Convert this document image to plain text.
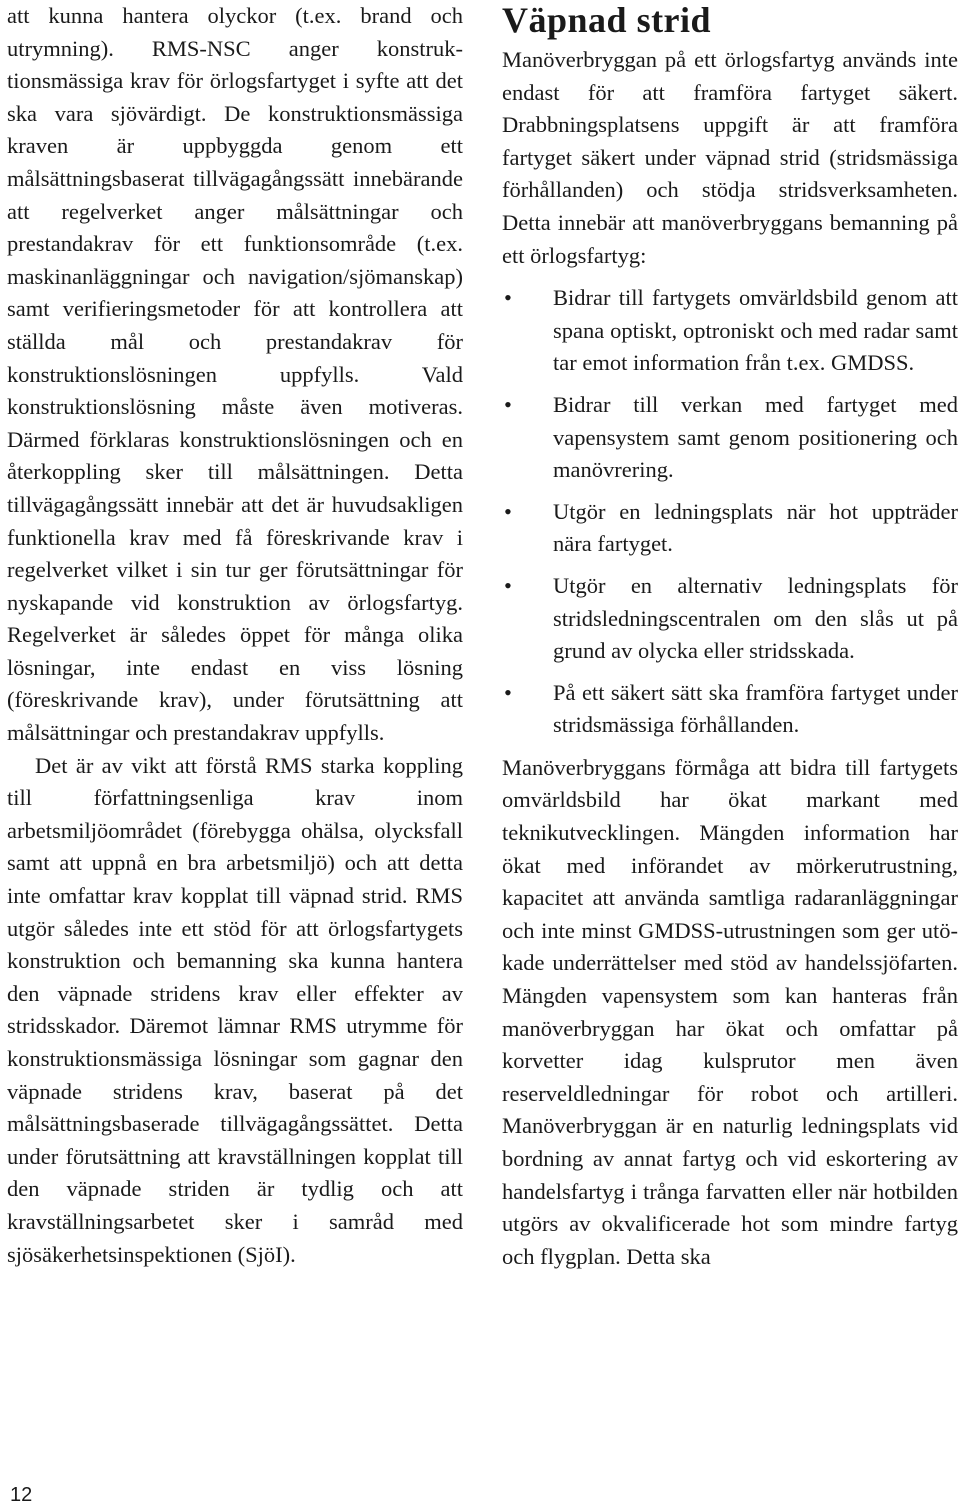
att kunna hantera olyckor (t.ex. brand och utrymning). RMS-NSC anger konstruktionsmässiga krav för örlogsfartyget i syfte att det ska vara sjövärdigt. De konstruktionsmässiga kraven är uppbyggda genom ett målsättningsbaserat tillvägagångssätt innebärande att regelverket anger målsättningar och prestandakrav för ett funktionsområde (t.ex. maskinanläggningar och navigation/sjömanskap) samt verifieringsmetoder för att kontrollera att ställda mål och prestandakrav för konstruktionslösningen uppfylls. Vald konstruktionslösning måste även motiveras. Därmed förklaras konstruktionslösningen och en återkoppling sker till målsättningen. Detta tillvägagångssätt innebär att det är huvudsakligen funktionella krav med få föreskrivande krav i regelverket vilket i sin tur ger förutsättningar för nyskapande vid konstruktion av örlogsfartyg. Regelverket är således öppet för många olika lösningar, inte endast en viss lösning (föreskrivande krav), under förutsättning att målsättningar och prestandakrav uppfylls.

Det är av vikt att förstå RMS starka koppling till författningsenliga krav inom arbetsmiljöområdet (förebygga ohälsa, olycksfall samt att uppnå en bra arbetsmiljö) och att detta inte omfattar krav kopplat till väpnad strid. RMS utgör således inte ett stöd för att örlogsfartygets konstruktion och bemanning ska kunna hantera den väpnade stridens krav eller effekter av stridsskador. Däremot lämnar RMS utrymme för konstruktionsmässiga lösningar som gagnar den väpnade stridens krav, baserat på det målsättningsbaserade tillvägagångssättet. Detta under förutsättning att kravställningen kopplat till den väpnade striden är tydlig och att kravställningsarbetet sker i samråd med sjösäkerhetsinspektionen (SjöI).

Väpnad strid

Manöverbryggan på ett örlogsfartyg används inte endast för att framföra fartyget säkert. Drabbningsplatsens uppgift är att framföra fartyget säkert under väpnad strid (stridsmässiga förhållanden) och stödja stridsverksamheten. Detta innebär att manöverbryggans bemanning på ett örlogsfartyg:

• Bidrar till fartygets omvärldsbild genom att spana optiskt, optroniskt och med radar samt tar emot information från t.ex. GMDSS.
• Bidrar till verkan med fartyget med vapensystem samt genom positionering och manövrering.
• Utgör en ledningsplats när hot uppträder nära fartyget.
• Utgör en alternativ ledningsplats för stridsledningscentralen om den slås ut på grund av olycka eller stridsskada.
• På ett säkert sätt ska framföra fartyget under stridsmässiga förhållanden.

Manöverbryggans förmåga att bidra till fartygets omvärldsbild har ökat markant med teknikutvecklingen. Mängden information har ökat med införandet av mörkerutrustning, kapacitet att använda samtliga radaranläggningar och inte minst GMDSS-utrustningen som ger utökade underrättelser med stöd av handelssjöfarten. Mängden vapensystem som kan hanteras från manöverbryggan har ökat och omfattar på korvetter idag kulsprutor men även reserveldledningar för robot och artilleri. Manöverbryggan är en naturlig ledningsplats vid bordning av annat fartyg och vid eskortering av handelsfartyg i trånga farvatten eller när hotbilden utgörs av okvalificerade hot som mindre fartyg och flygplan. Detta ska

12
